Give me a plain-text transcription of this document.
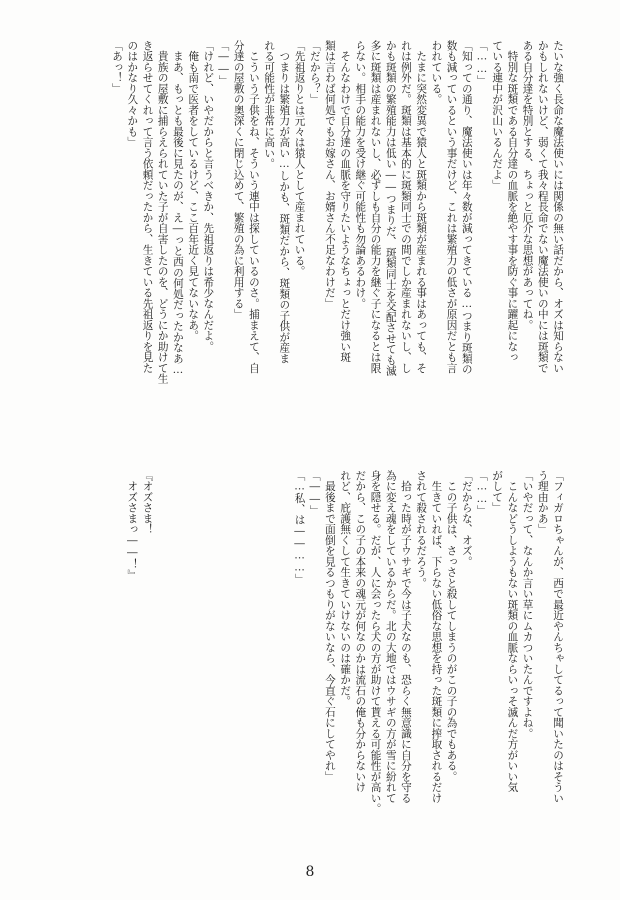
たいな強く長命な魔法使いには関係の無い話だから、オズは知らない
かもしれないけど、弱くて我々程長命でない魔法使いの中には斑類で
ある自分達を特別とする、ちょっと厄介な思想があってね。
　特別な斑類である自分達の血脈を絶やす事を防ぐ事に躍起になっ
ている連中が沢山いるんだよ」
「……」
「知っての通り、魔法使いは年々数が減ってきている…つまり斑類の
数も減っているという事だけど、これは繁殖力の低さが原因だとも言
われている。
　たまに突然変異で猿人と斑類から斑類が産まれる事はあっても、そ
れは例外だ。斑類は基本的に斑類同士での間でしか産まれないし、し
かも斑類の繁殖能力は低い――つまりだ、斑類同士を交配させても滅
多に斑類は産まれないし、必ずしも自分の能力を継ぐ子になるとは限
らない。相手の能力を受け継ぐ可能性も勿論あるわけ。
　そんなわけで自分達の血脈を守りたいようなちょっとだけ強い斑
類は言わば何処でもお嫁さん、お婿さん不足なわけだ」
「だから？」
「先祖返りとは元々は猿人として産まれている。
　つまりは繁殖力が高い…しかも、斑類だから、斑類の子供が産ま
れる可能性が非常に高い。
　こういう子供をね、そういう連中は探しているのさ。捕まえて、自
分達の屋敷の奥深くに閉じ込めて、繁殖の為に利用する」
「――」
「けれど、いやだからと言うべきか、先祖返りは希少なんだよ。
　俺も南で医者をしているけど、ここ百年近く見てないなあ。
　まあ、もっとも最後に見たのが、え―っと西の何処だったかなあ…
　貴族の屋敷に捕らえられていた子が自害したのを、どうにか助けて生
き返らせてくれって言う依頼だったから、生きている先祖返りを見た
のはかなり久々かも」
「あっ！」
「フィガロちゃんが、西で最近やんちゃしてるって聞いたのはそうい
う理由かあ」
「いやだって、なんか言い草にムカついたんですよね。
　こんなどうしようもない斑類の血脈ならいっそ滅んだ方がいい気
がして」
「……」
「だからな、オズ。
　この子供は、さっさと殺してしまうのがこの子の為でもある。
　生きていれば、下らない低俗な思想を持った斑類に搾取されるだけ
されて殺されるだろう。
　拾った時が子ウサギで今は子犬なのも、恐らく無意識に自分を守る
為に変え魂をしているからだ。北の大地ではウサギの方が雪に紛れて
身を隠せる。だが、人に会ったら犬の方が助けて貰える可能性が高い。
だから、この子の本来の魂元が何なのかは流石の俺も分からないけ
れど、庇護無くして生きていけないのは確かだ。
　最後まで面倒を見るつもりがないなら、今直ぐ石にしてやれ」
「――」
「…私、は――……」

『オズさま！
　オズさまっ――！』
8
